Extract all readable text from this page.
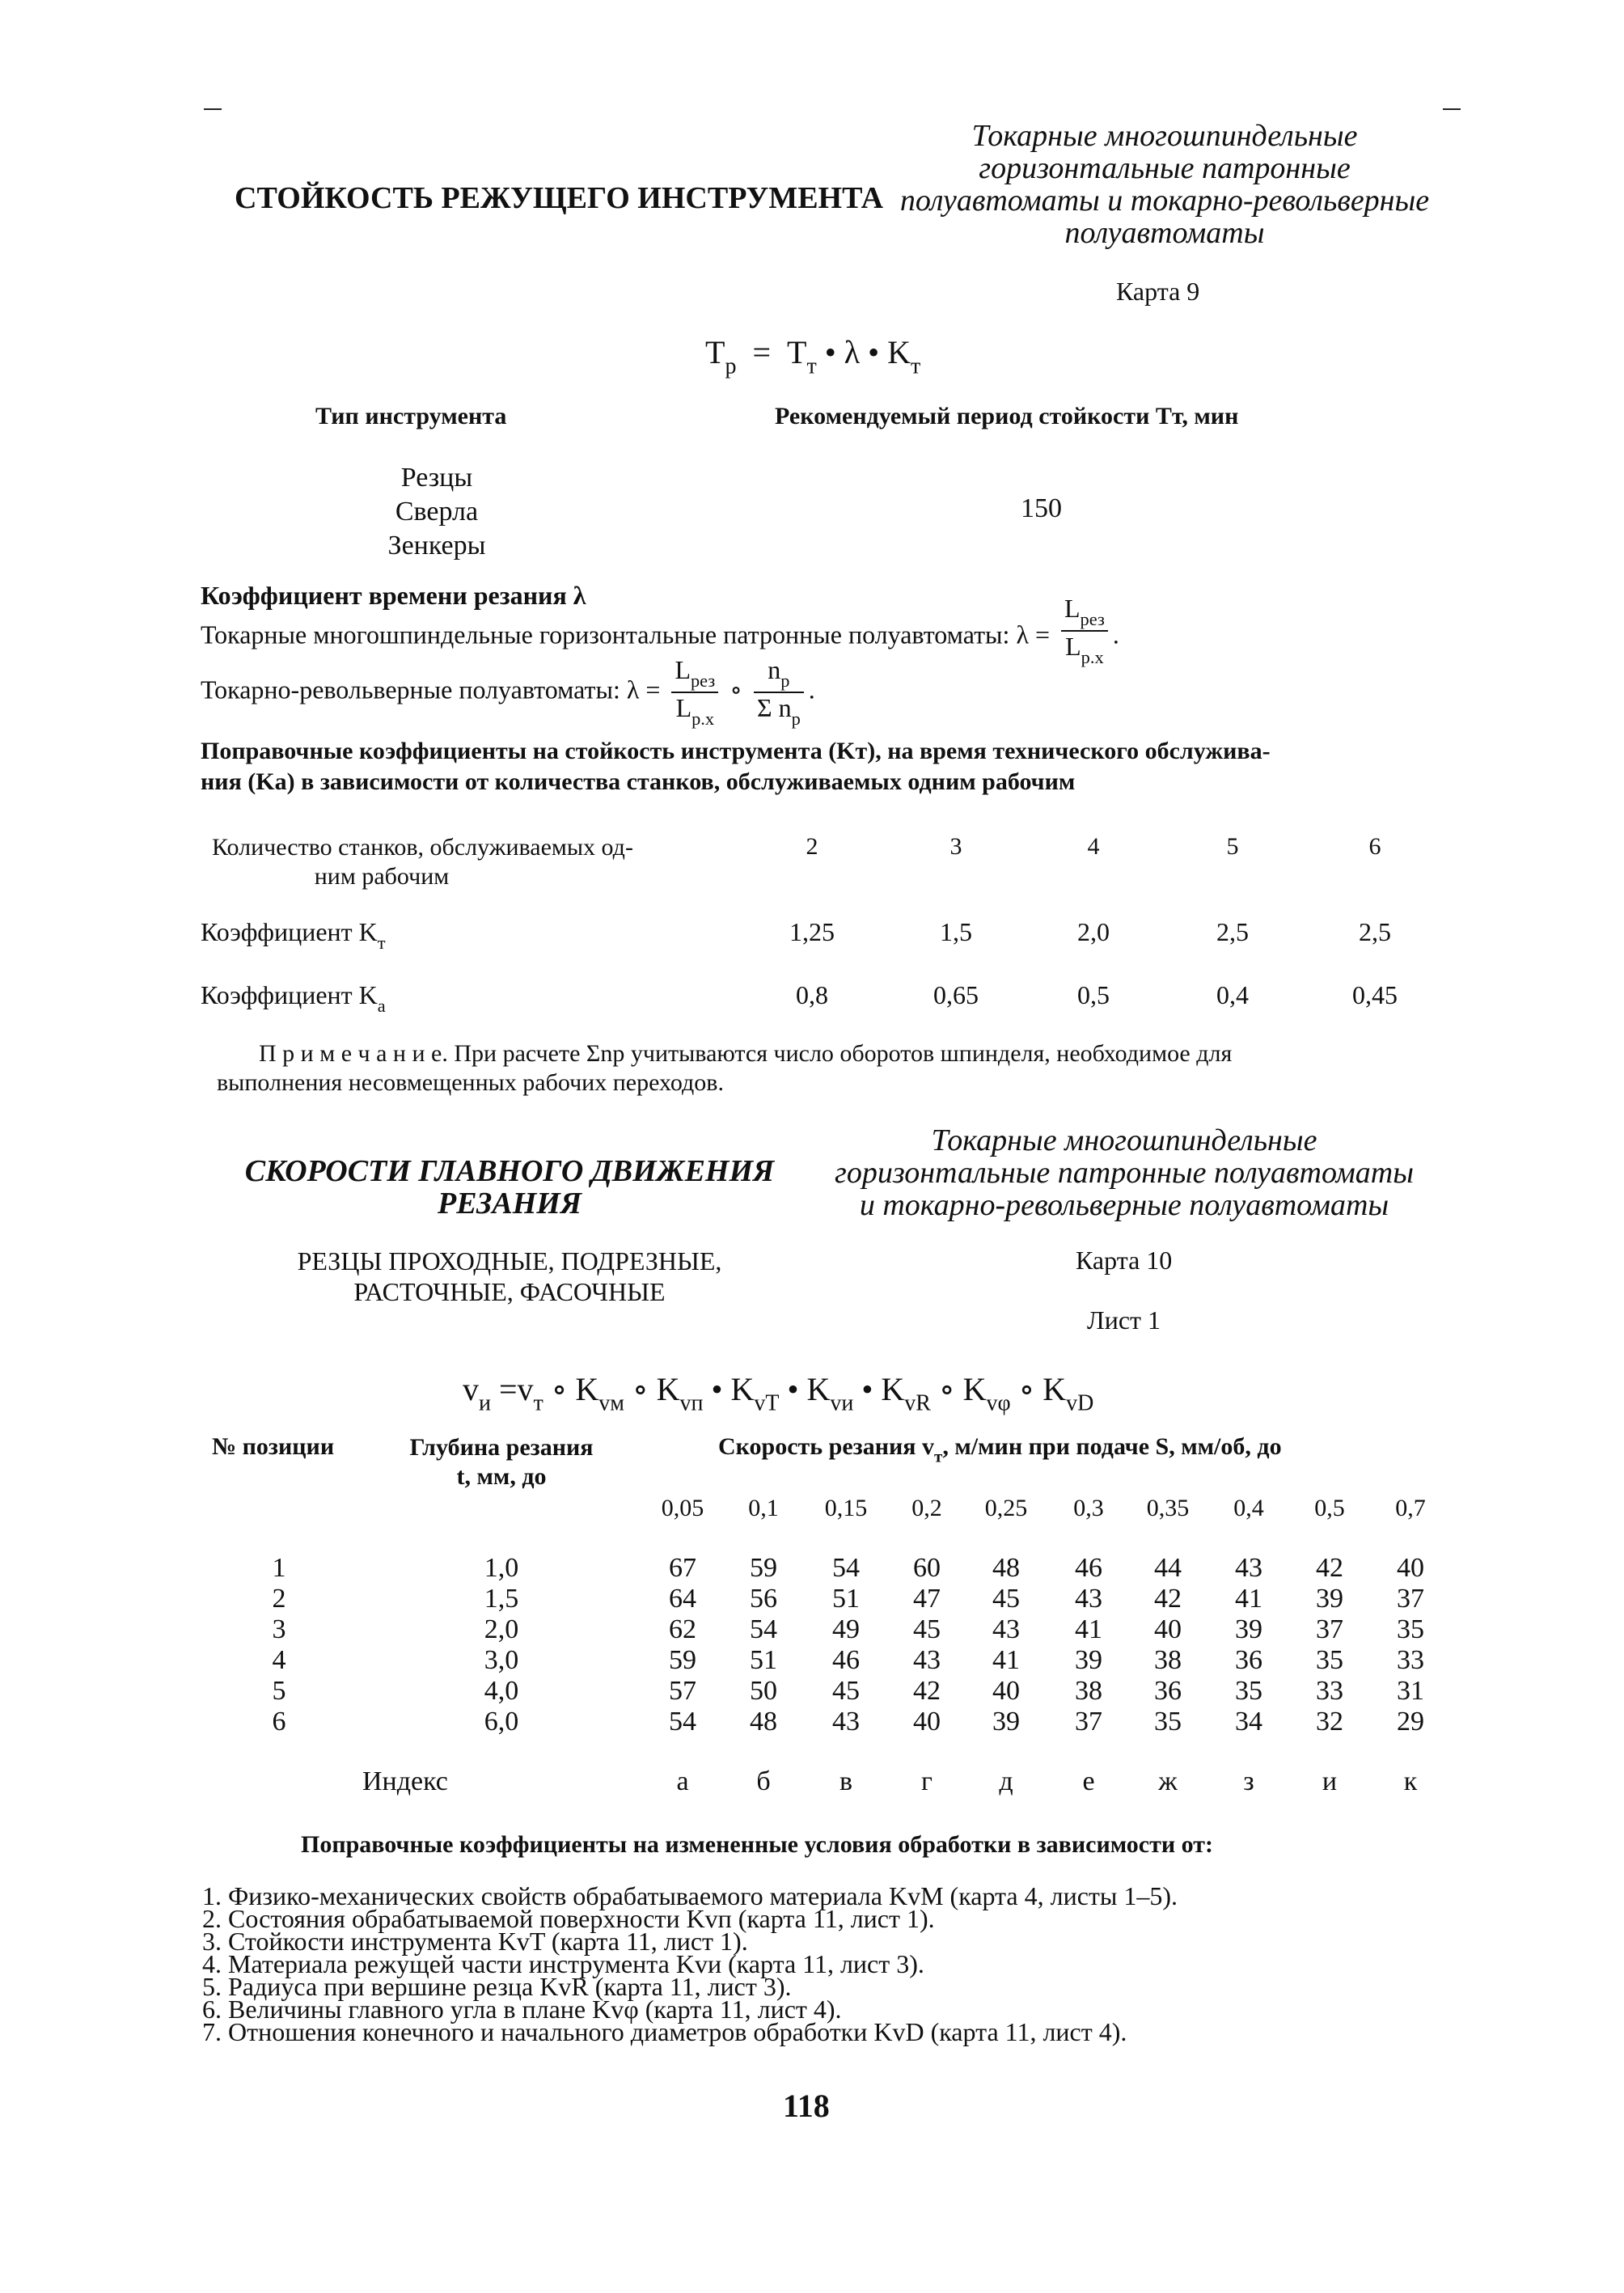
Токарные многошпиндельные
горизонтальные патронные
полуавтоматы и токарно-револьверные
полуавтоматы
СТОЙКОСТЬ РЕЖУЩЕГО ИНСТРУМЕНТА
Карта 9
$T_р = T_т$ • λ • $K_т$
Тип инструмента	Рекомендуемый период стойкости Tт, мин
Резцы
Сверла
Зенкеры
150
Коэффициент времени резания λ
Токарные многошпиндельные горизонтальные патронные полуавтоматы: $\lambda = \frac{L_{рез}}{L_{р.х}}$ .
Токарно-револьверные полуавтоматы: $\lambda = \frac{L_{рез}}{L_{р.х}}$ ∘ $\frac{n_р}{\Sigma n_р}$ .
Поправочные коэффициенты на стойкость инструмента (Kт), на время технического обслужива-
ния (Kа) в зависимости от количества станков, обслуживаемых одним рабочим
Количество станков, обслуживаемых од-
ним рабочим
2	3	4	5	6
Коэффициент $K_т$	1,25	1,5	2,0	2,5	2,5
Коэффициент $K_а$	0,8	0,65	0,5	0,4	0,45
П р и м е ч а н и е. При расчете Σnр учитываются число оборотов шпинделя, необходимое для
выполнения несовмещенных рабочих переходов.
Токарные многошпиндельные
горизонтальные патронные полуавтоматы
и токарно-револьверные полуавтоматы
СКОРОСТИ ГЛАВНОГО ДВИЖЕНИЯ
РЕЗАНИЯ
РЕЗЦЫ ПРОХОДНЫЕ, ПОДРЕЗНЫЕ,
РАСТОЧНЫЕ, ФАСОЧНЫЕ
Карта 10
Лист 1
$v_и =v_т$ ∘ $K_{vм}$ ∘ $K_{vп}$ • $K_{vT}$ • $K_{vи}$ • $K_{vR}$ ∘ $K_{v\varphi}$ ∘ $K_{vD}$
№ позиции	Глубина резания
t, мм, до
Скорость резания $v_т$, м/мин при подаче S, мм/об, до
0,05	0,1	0,15	0,2	0,25	0,3	0,35	0,4	0,5	0,7
1	1,0	67	59	54	60	48	46	44	43	42	40
2	1,5	64	56	51	47	45	43	42	41	39	37
3	2,0	62	54	49	45	43	41	40	39	37	35
4	3,0	59	51	46	43	41	39	38	36	35	33
5	4,0	57	50	45	42	40	38	36	35	33	31
6	6,0	54	48	43	40	39	37	35	34	32	29
Индекс	а	б	в	г	д	е	ж	з	и	к
Поправочные коэффициенты на измененные условия обработки в зависимости от:
1. Физико-механических свойств обрабатываемого материала KvM (карта 4, листы 1–5).
2. Состояния обрабатываемой поверхности Kvп (карта 11, лист 1).
3. Стойкости инструмента KvT (карта 11, лист 1).
4. Материала режущей части инструмента Kvи (карта 11, лист 3).
5. Радиуса при вершине резца KvR (карта 11, лист 3).
6. Величины главного угла в плане Kvφ (карта 11, лист 4).
7. Отношения конечного и начального диаметров обработки KvD (карта 11, лист 4).
118
